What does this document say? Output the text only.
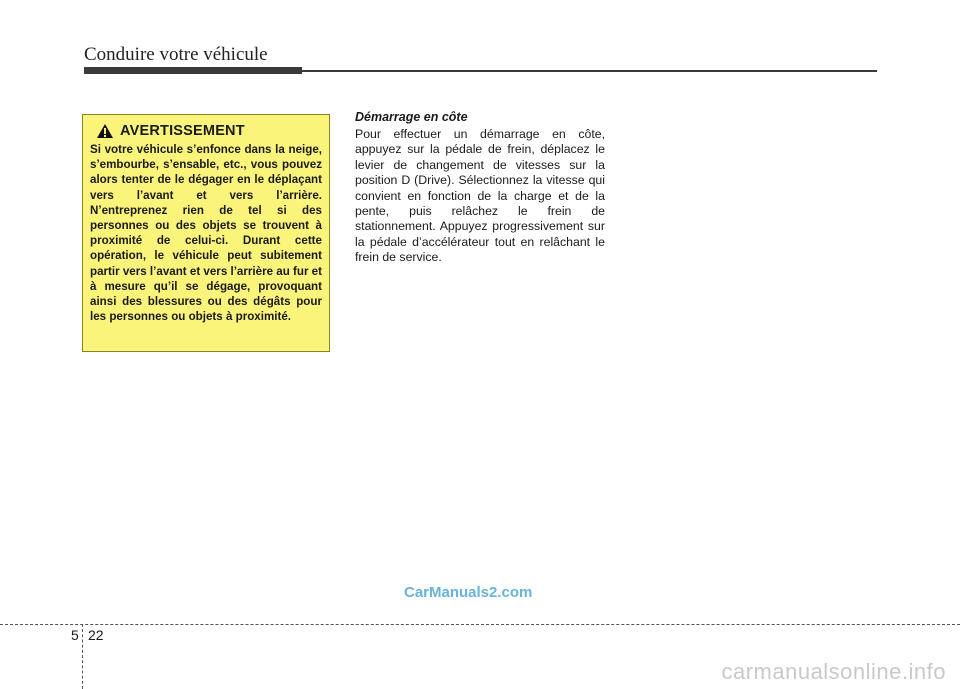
Conduire votre véhicule
AVERTISSEMENT

Si votre véhicule s’enfonce dans la neige, s’embourbe, s’ensable, etc., vous pouvez alors tenter de le dégager en le déplaçant vers l’avant et vers l’arrière. N’entreprenez rien de tel si des personnes ou des objets se trouvent à proximité de celui-ci. Durant cette opération, le véhicule peut subitement partir vers l’avant et vers l’arrière au fur et à mesure qu’il se dégage, provoquant ainsi des blessures ou des dégâts pour les personnes ou objets à proximité.

Démarrage en côte

Pour effectuer un démarrage en côte, appuyez sur la pédale de frein, déplacez le levier de changement de vitesses sur la position D (Drive). Sélectionnez la vitesse qui convient en fonction de la charge et de la pente, puis relâchez le frein de stationnement. Appuyez progressivement sur la pédale d’accélérateur tout en relâchant le frein de service.

CarManuals2.com
5 22
carmanualsonline.info
